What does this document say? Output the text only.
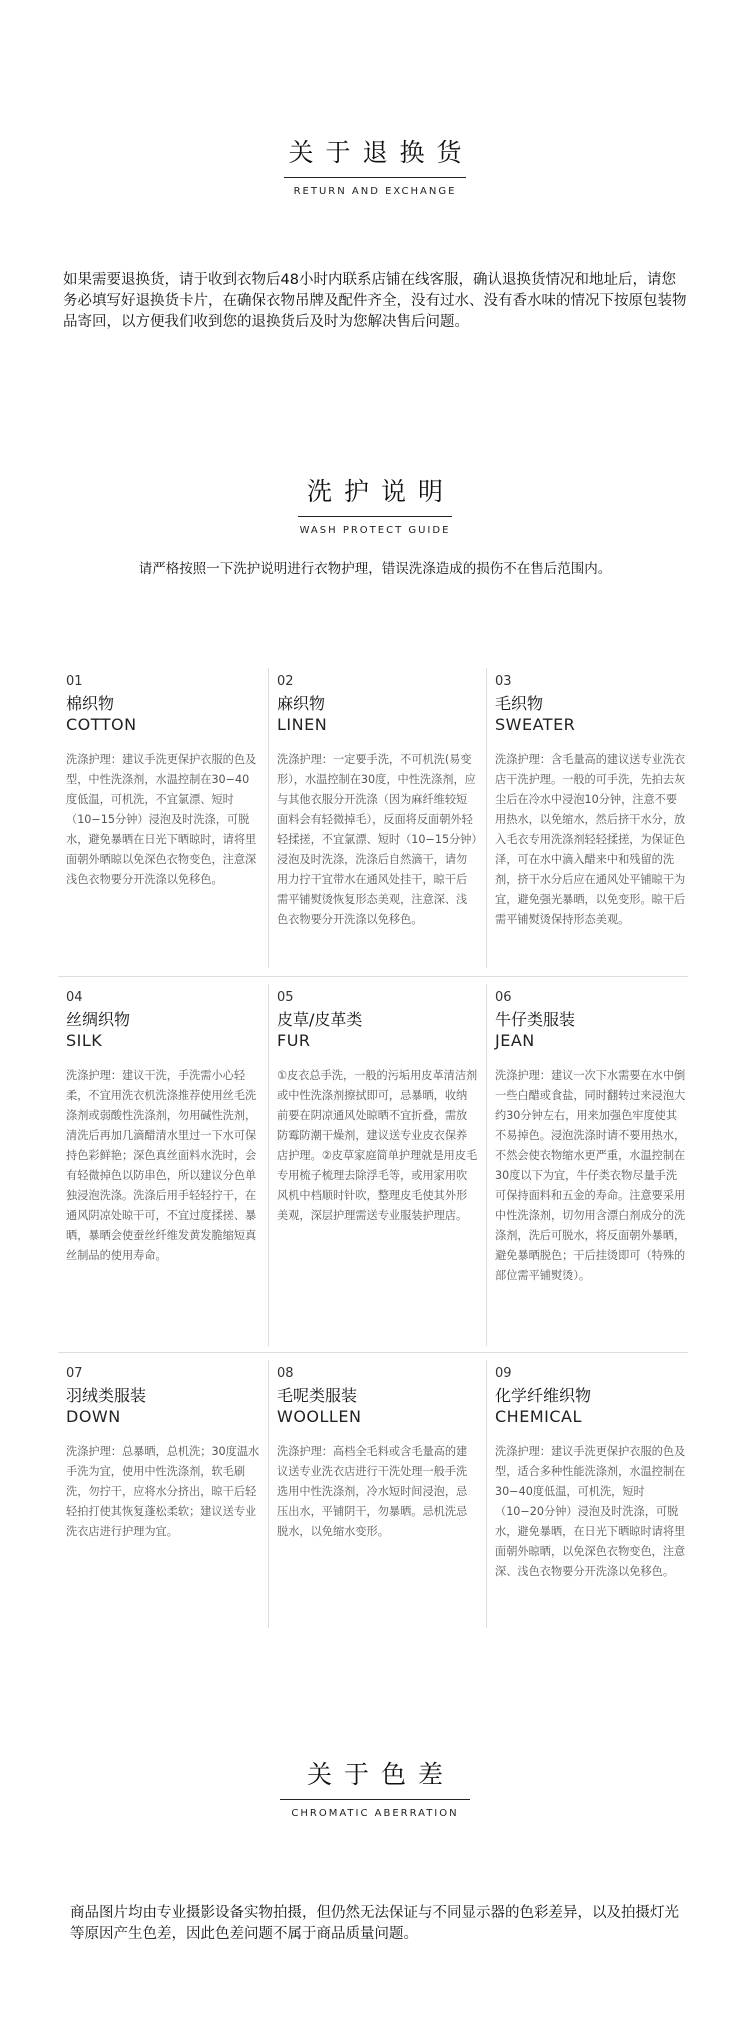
关于退换货
RETURN AND EXCHANGE
如果需要退换货，请于收到衣物后48小时内联系店铺在线客服，确认退换货情况和地址后，请您务必填写好退换货卡片，在确保衣物吊牌及配件齐全，没有过水、没有香水味的情况下按原包装物品寄回，以方便我们收到您的退换货后及时为您解决售后问题。
洗护说明
WASH PROTECT GUIDE
请严格按照一下洗护说明进行衣物护理，错误洗涤造成的损伤不在售后范围内。
01
棉织物
COTTON
洗涤护理：建议手洗更保护衣服的色及型，中性洗涤剂，水温控制在30−40度低温，可机洗，不宜氯漂、短时（10−15分钟）浸泡及时洗涤，可脱水，避免暴晒在日光下晒晾时，请将里面朝外晒晾以免深色衣物变色，注意深浅色衣物要分开洗涤以免移色。
02
麻织物
LINEN
洗涤护理：一定要手洗，不可机洗(易变形），水温控制在30度，中性洗涤剂，应与其他衣服分开洗涤（因为麻纤维较短面料会有轻微掉毛），反面将反面朝外轻轻揉搓，不宜氯漂、短时（10−15分钟）浸泡及时洗涤，洗涤后自然滴干，请勿用力拧干宜带水在通风处挂干，晾干后需平铺熨烫恢复形态美观，注意深、浅色衣物要分开洗涤以免移色。
03
毛织物
SWEATER
洗涤护理：含毛量高的建议送专业洗衣店干洗护理。一般的可手洗，先拍去灰尘后在冷水中浸泡10分钟，注意不要用热水，以免缩水，然后挤干水分，放入毛衣专用洗涤剂轻轻揉搓，为保证色泽，可在水中滴入醋来中和残留的洗剂，挤干水分后应在通风处平铺晾干为宜，避免强光暴晒，以免变形。晾干后需平铺熨烫保持形态美观。
04
丝绸织物
SILK
洗涤护理：建议干洗，手洗需小心轻柔，不宜用洗衣机洗涤推荐使用丝毛洗涤剂或弱酸性洗涤剂，勿用碱性洗剂，清洗后再加几滴醋清水里过一下水可保持色彩鲜艳；深色真丝面料水洗时，会有轻微掉色以防串色，所以建议分色单独浸泡洗涤。洗涤后用手轻轻拧干，在通风阴凉处晾干可，不宜过度揉搓、暴晒，暴晒会使蚕丝纤维发黄发脆缩短真丝制品的使用寿命。
05
皮草/皮革类
FUR
①皮衣总手洗，一般的污垢用皮革清洁剂或中性洗涤剂擦拭即可，忌暴晒，收纳前要在阴凉通风处晾晒不宜折叠，需放防霉防潮干燥剂，建议送专业皮衣保养店护理。②皮草家庭简单护理就是用皮毛专用梳子梳理去除浮毛等，或用家用吹风机中档顺时针吹，整理皮毛使其外形美观，深层护理需送专业服装护理店。
06
牛仔类服装
JEAN
洗涤护理：建议一次下水需要在水中倒一些白醋或食盐，同时翻转过来浸泡大约30分钟左右，用来加强色牢度使其不易掉色。浸泡洗涤时请不要用热水，不然会使衣物缩水更严重，水温控制在30度以下为宜，牛仔类衣物尽量手洗可保持面料和五金的寿命。注意要采用中性洗涤剂，切勿用含漂白剂成分的洗涤剂，洗后可脱水，将反面朝外暴晒，避免暴晒脱色；干后挂烫即可（特殊的部位需平铺熨烫）。
07
羽绒类服装
DOWN
洗涤护理：总暴晒，总机洗；30度温水手洗为宜，使用中性洗涤剂，软毛刷洗，勿拧干，应将水分挤出，晾干后轻轻拍打使其恢复蓬松柔软；建议送专业洗衣店进行护理为宜。
08
毛呢类服装
WOOLLEN
洗涤护理：高档全毛料或含毛量高的建议送专业洗衣店进行干洗处理一般手洗选用中性洗涤剂，冷水短时间浸泡，忌压出水，平铺阴干，勿暴晒。忌机洗忌脱水，以免缩水变形。
09
化学纤维织物
CHEMICAL
洗涤护理：建议手洗更保护衣服的色及型，适合多种性能洗涤剂，水温控制在30−40度低温，可机洗，短时（10−20分钟）浸泡及时洗涤，可脱水，避免暴晒，在日光下晒晾时请将里面朝外晾晒，以免深色衣物变色，注意深、浅色衣物要分开洗涤以免移色。
关于色差
CHROMATIC ABERRATION
商品图片均由专业摄影设备实物拍摄，但仍然无法保证与不同显示器的色彩差异，以及拍摄灯光等原因产生色差，因此色差问题不属于商品质量问题。
